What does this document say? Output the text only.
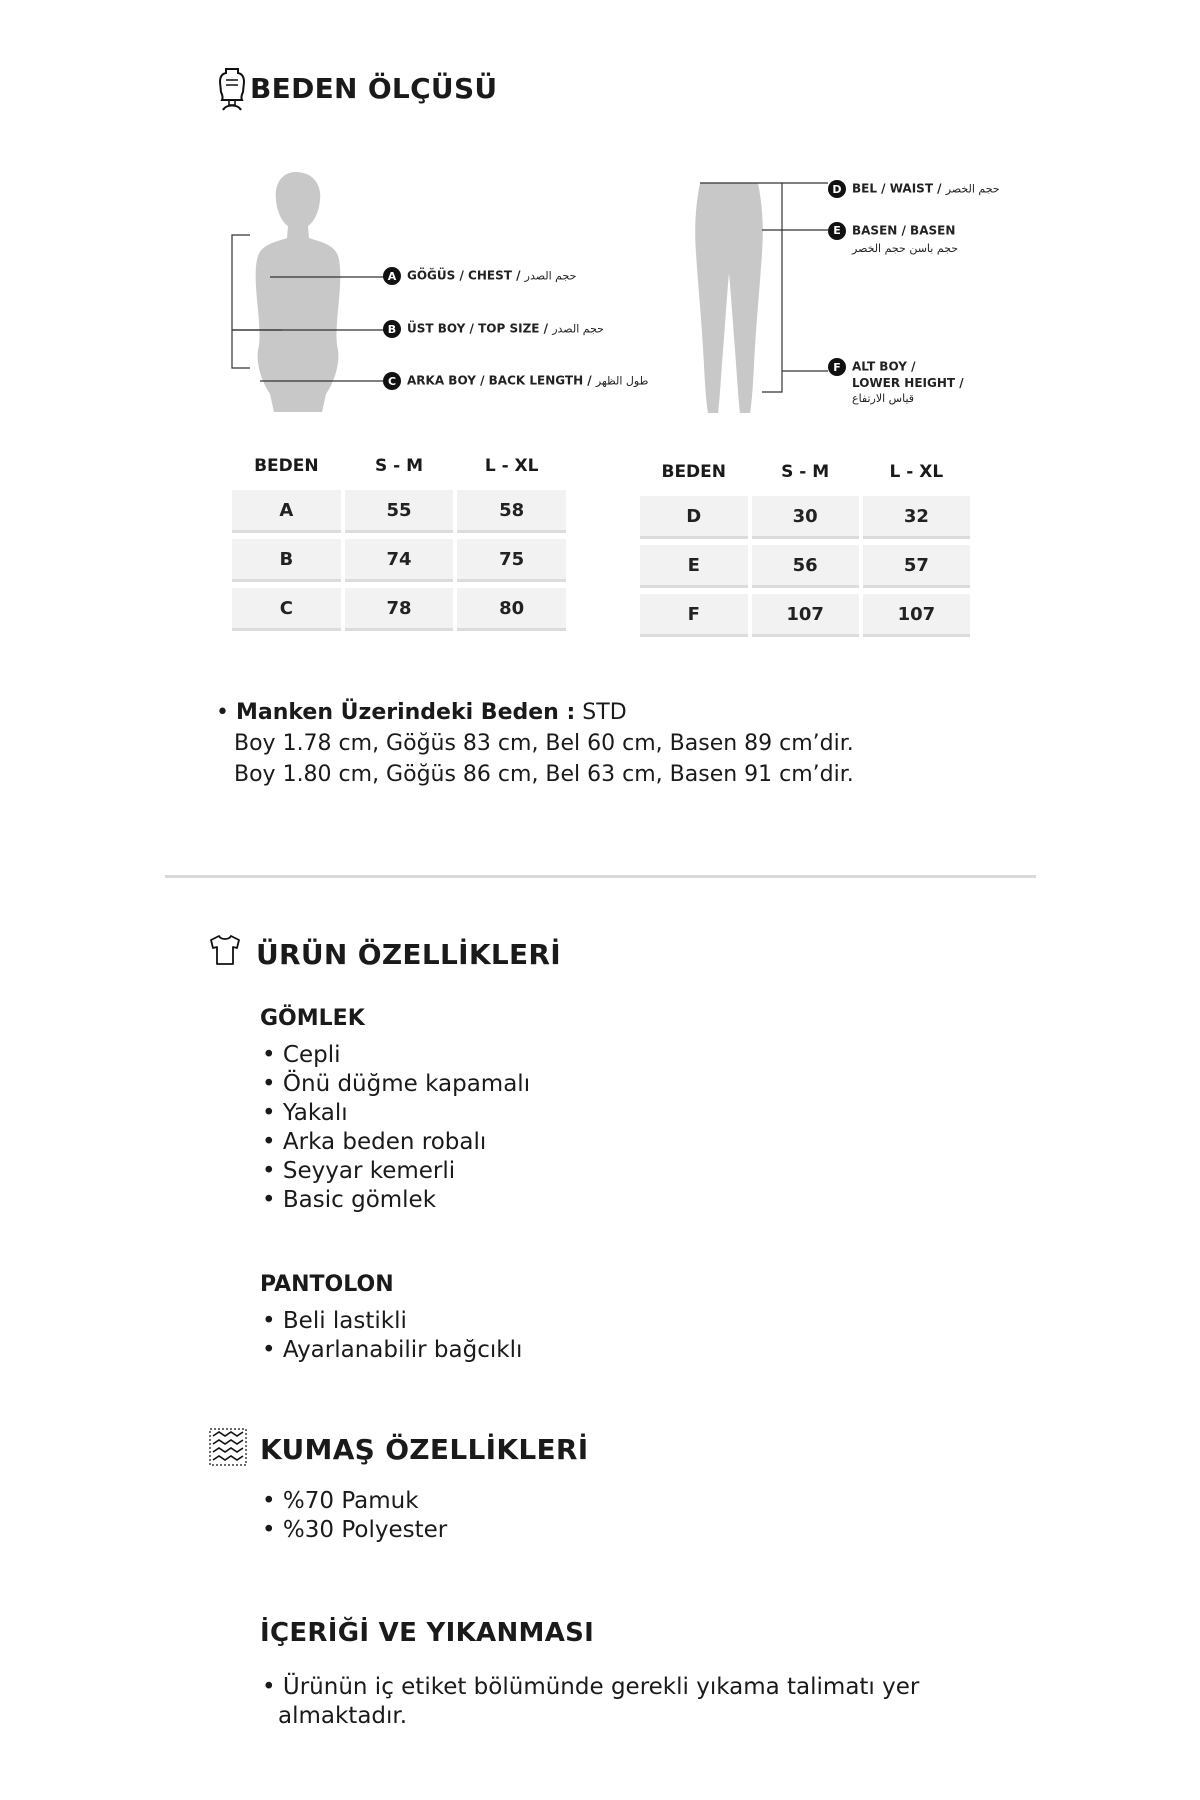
BEDEN ÖLÇÜSÜ
A GÖĞÜS / CHEST / حجم الصدر
B ÜST BOY / TOP SIZE / حجم الصدر
C ARKA BOY / BACK LENGTH / طول الظهر
D BEL / WAIST / حجم الخصر
E BASEN / BASEN
حجم باسن حجم الخصر
F ALT BOY /
LOWER HEIGHT /
قياس الارتفاع
BEDEN	S - M	L - XL
A	55	58
B	74	75
C	78	80
BEDEN	S - M	L - XL
D	30	32
E	56	57
F	107	107
• Manken Üzerindeki Beden : STD
Boy 1.78 cm, Göğüs 83 cm, Bel 60 cm, Basen 89 cm’dir.
Boy 1.80 cm, Göğüs 86 cm, Bel 63 cm, Basen 91 cm’dir.
ÜRÜN ÖZELLİKLERİ
GÖMLEK
• Cepli
• Önü düğme kapamalı
• Yakalı
• Arka beden robalı
• Seyyar kemerli
• Basic gömlek
PANTOLON
• Beli lastikli
• Ayarlanabilir bağcıklı
KUMAŞ ÖZELLİKLERİ
• %70 Pamuk
• %30 Polyester
İÇERİĞİ VE YIKANMASI
• Ürünün iç etiket bölümünde gerekli yıkama talimatı yer
almaktadır.
